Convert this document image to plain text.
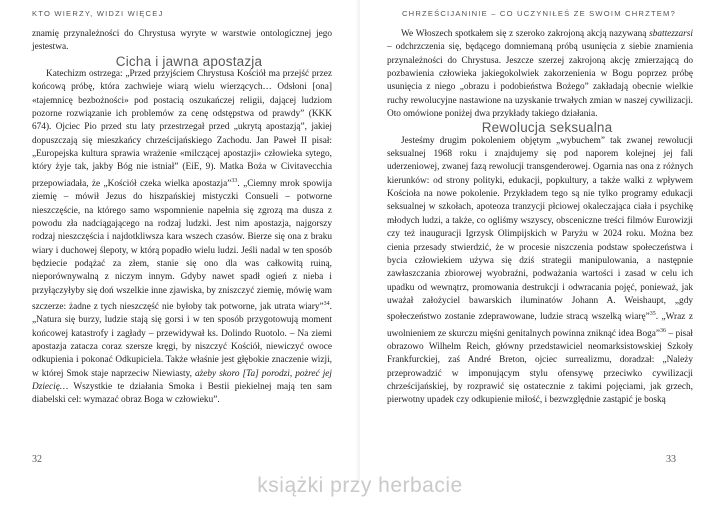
KTO WIERZY, WIDZI WIĘCEJ

znamię przynależności do Chrystusa wyryte w warstwie ontologicznej jego jestestwa.

Cicha i jawna apostazja

Katechizm ostrzega: „Przed przyjściem Chrystusa Kościół ma przejść przez końcową próbę, która zachwieje wiarą wielu wierzących… Odsłoni [ona] «tajemnicę bezbożności» pod postacią oszukańczej religii, dającej ludziom pozorne rozwiązanie ich problemów za cenę odstępstwa od prawdy” (KKK 674). Ojciec Pio przed stu laty przestrzegał przed „ukrytą apostazją”, jakiej dopuszczają się mieszkańcy chrześcijańskiego Zachodu. Jan Paweł II pisał: „Europejska kultura sprawia wrażenie «milczącej apostazji» człowieka sytego, który żyje tak, jakby Bóg nie istniał” (EiE, 9). Matka Boża w Civitavecchia przepowiadała, że „Kościół czeka wielka apostazja”$^{33}$. „Ciemny mrok spowija ziemię – mówił Jezus do hiszpańskiej mistyczki Consueli – potworne nieszczęście, na którego samo wspomnienie napełnia się zgrozą ma dusza z powodu zła nadciągającego na rodzaj ludzki. Jest nim apostazja, najgorszy rodzaj nieszczęścia i najdotkliwsza kara wszech czasów. Bierze się ona z braku wiary i duchowej ślepoty, w którą popadło wielu ludzi. Jeśli nadal w ten sposób będziecie podążać za złem, stanie się ono dla was całkowitą ruiną, nieporównywalną z niczym innym. Gdyby nawet spadł ogień z nieba i przyłączyłyby się doń wszelkie inne zjawiska, by zniszczyć ziemię, mówię wam szczerze: żadne z tych nieszczęść nie byłoby tak potworne, jak utrata wiary”$^{34}$. „Natura się burzy, ludzie stają się gorsi i w ten sposób przygotowują moment końcowej katastrofy i zagłady – przewidywał ks. Dolindo Ruotolo. – Na ziemi apostazja zatacza coraz szersze kręgi, by niszczyć Kościół, niewiczyć owoce odkupienia i pokonać Odkupiciela. Także właśnie jest głębokie znaczenie wizji, w której Smok staje naprzeciw Niewiasty, ażeby skoro [Ta] porodzi, pożreć jej Dziecię… Wszystkie te działania Smoka i Bestii piekielnej mają ten sam diabelski cel: wymazać obraz Boga w człowieku”.

32
CHRZEŚCIJANINIE – CO UCZYNIŁEŚ ZE SWOIM CHRZTEM?

We Włoszech spotkałem się z szeroko zakrojoną akcją nazywaną sbattezzarsi – odchrzczenia się, będącego domniemaną próbą usunięcia z siebie znamienia przynależności do Chrystusa. Jeszcze szerzej zakrojoną akcję zmierzającą do pozbawienia człowieka jakiegokolwiek zakorzenienia w Bogu poprzez próbę usunięcia z niego „obrazu i podobieństwa Bożego” zakładają obecnie wielkie ruchy rewolucyjne nastawione na uzyskanie trwałych zmian w naszej cywilizacji. Oto omówione poniżej dwa przykłady takiego działania.

Rewolucja seksualna

Jesteśmy drugim pokoleniem objętym „wybuchem” tak zwanej rewolucji seksualnej 1968 roku i znajdujemy się pod naporem kolejnej jej fali uderzeniowej, zwanej fazą rewolucji transgenderowej. Ogarnia nas ona z różnych kierunków: od strony polityki, edukacji, popkultury, a także walki z wpływem Kościoła na nowe pokolenie. Przykładem tego są nie tylko programy edukacji seksualnej w szkołach, apoteoza tranzycji płciowej okaleczająca ciała i psychikę młodych ludzi, a także, co ogliśmy wszyscy, obsceniczne treści filmów Eurowizji czy też inauguracji Igrzysk Olimpijskich w Paryżu w 2024 roku. Można bez cienia przesady stwierdzić, że w procesie niszczenia podstaw społeczeństwa i bycia człowiekiem używa się dziś strategii manipulowania, a następnie zawłaszczania zbiorowej wyobraźni, podważania wartości i zasad w celu ich upadku od wewnątrz, promowania destrukcji i odwracania pojęć, ponieważ, jak uważał założyciel bawarskich iluminatów Johann A. Weishaupt, „gdy społeczeństwo zostanie zdeprawowane, ludzie stracą wszelką wiarę”$^{35}$. „Wraz z uwolnieniem ze skurczu mięśni genitalnych powinna zniknąć idea Boga”$^{36}$ – pisał obrazowo Wilhelm Reich, główny przedstawiciel neomarksistowskiej Szkoły Frankfurckiej, zaś André Breton, ojciec surrealizmu, doradzał: „Należy przeprowadzić w imponującym stylu ofensywę przeciwko cywilizacji chrześcijańskiej, by rozprawić się ostatecznie z takimi pojęciami, jak grzech, pierwotny upadek czy odkupienie miłość, i bezwzględnie zastąpić je boską

33
książki przy herbacie
